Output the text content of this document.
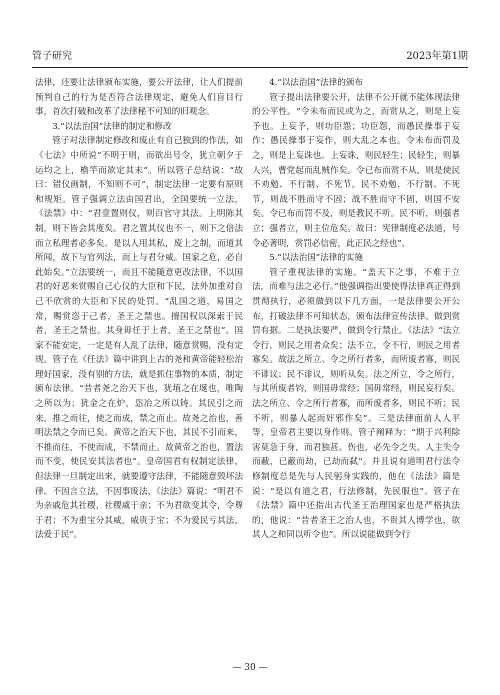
管子研究	2023年第1期

法律，还要让法律颁布实施，要公开法律，让人们提前预判自己的行为是否符合法律规定，避免人们盲目行事，首次打破和改革了法律秘不可知的旧观念。

3.“以法治国”法律的制定和修改

管子对法律制定修改和废止有自己独到的作法，如《七法》中所说“不明于则，而欲出号令，犹立朝夕于运均之上，檐竿而欲定其末”。所以管子总结说：“故曰：错仪画制，不知则不可”，制定法律一定要有原则和规矩。管子强调立法由国君出，全国要统一立法，《法禁》中：“君壹置则仪，则百官守其法。上明陈其制，则下皆会其度矣。君之置其仪也不一，则下之倍法而立私理者必多矣。是以人用其私，废上之制，而道其所闻，故下与官列法，而上与君分威。国家之危，必自此始矣。”立法要统一，而且不能随意更改法律，不以国君的好恶来赏赐自己心仪的大臣和下民，法外加重对自己不欣赏的大臣和下民的处罚。“乱国之道，易国之常，赐赏恣于己者，圣王之禁也。擅国权以深索于民者，圣王之禁也。其身毋任于上者，圣王之禁也”。国家不能安定，一定是有人乱了法律，随意赏赐，没有定规。管子在《任法》篇中讲到上古的尧和黄帝能轻松治理好国家，没有别的方法，就是抓住事物的本质，制定颁布法律。“昔者尧之治天下也，犹埴之在埏也，唯陶之所以为；犹金之在炉，恣冶之所以铸。其民引之而来，推之而往，使之而成，禁之而止。故尧之治也，善明法禁之令而已矣。黄帝之治天下也，其民不引而来，不推而往，不使而成，不禁而止。故黄帝之治也，置法而不变，使民安其法者也”。皇帝国君有权制定法律，但法律一旦制定出来，就要遵守法律，不能随意毁坏法律。不因言立法，不因事废法，《法法》篇说：“明君不为亲戚危其社稷，社稷戚于亲；不为君欲变其令，令尊于君；不为重宝分其威，威贵于宝；不为爱民亏其法，法爱于民”。

4.“以法治国”法律的颁布

管子提出法律要公开，法律不公开就不能体现法律的公平性。“令未布而民或为之，而赏从之，则是上妄予也。上妄予，则功臣怨；功臣怨，而愚民操事于妄作；愚民操事于妄作，则大乱之本也。令未布而罚及之，则是上妄诛也。上妄诛，则民轻生；民轻生，则暴人兴，曹党起而乱贼作矣。令已布而赏不从，则是使民不劝勉、不行制、不死节。民不劝勉、不行制、不死节，则战不胜而守不固；战不胜而守不固，则国不安矣。令已布而罚不及，则是教民不听。民不听，则强者立；强者立，则主位危矣。故曰：宪律制度必法道，号令必著明，赏罚必信密，此正民之经也”。

5.“以法治国”法律的实施

管子重视法律的实施。“盖天下之事，不难于立法，而难与法之必行。”他强调指出要使得法律真正得到贯彻执行，必须做到以下几方面，一是法律要公开公布，打破法律不可知状态，颁布法律宣传法律。做到赏罚有据。二是执法要严，做到令行禁止。《法法》“法立令行，则民之用者众矣；法不立，令不行，则民之用者寡矣。故法之所立、令之所行者多，而所废者寡，则民不诽议；民不诽议，则听从矣。法之所立，令之所行，与其所废者钧，则国毋常经；国毋常经，则民妄行矣。法之所立、令之所行者寡，而所废者多，则民不听；民不听，则暴人起而奸邪作矣”。三是法律面前人人平等，皇帝君主要以身作则。管子阐释为：“期于兴利除害莫急于身，而君独甚。伤也，必先令之失。人主失令而蔽，已蔽而劫，已劫而弑”。并且说有道明君行法令修制度总是先与人民躬身实践的，他在《法法》篇是说：“是以有道之君，行法修制，先民服也”。管子在《法禁》篇中还指出古代圣王治理国家也是严格执法的，他说：“昔者圣王之治人也，不贵其人博学也，欲其人之和同以听令也”。所以说能做到令行

— 30 —
